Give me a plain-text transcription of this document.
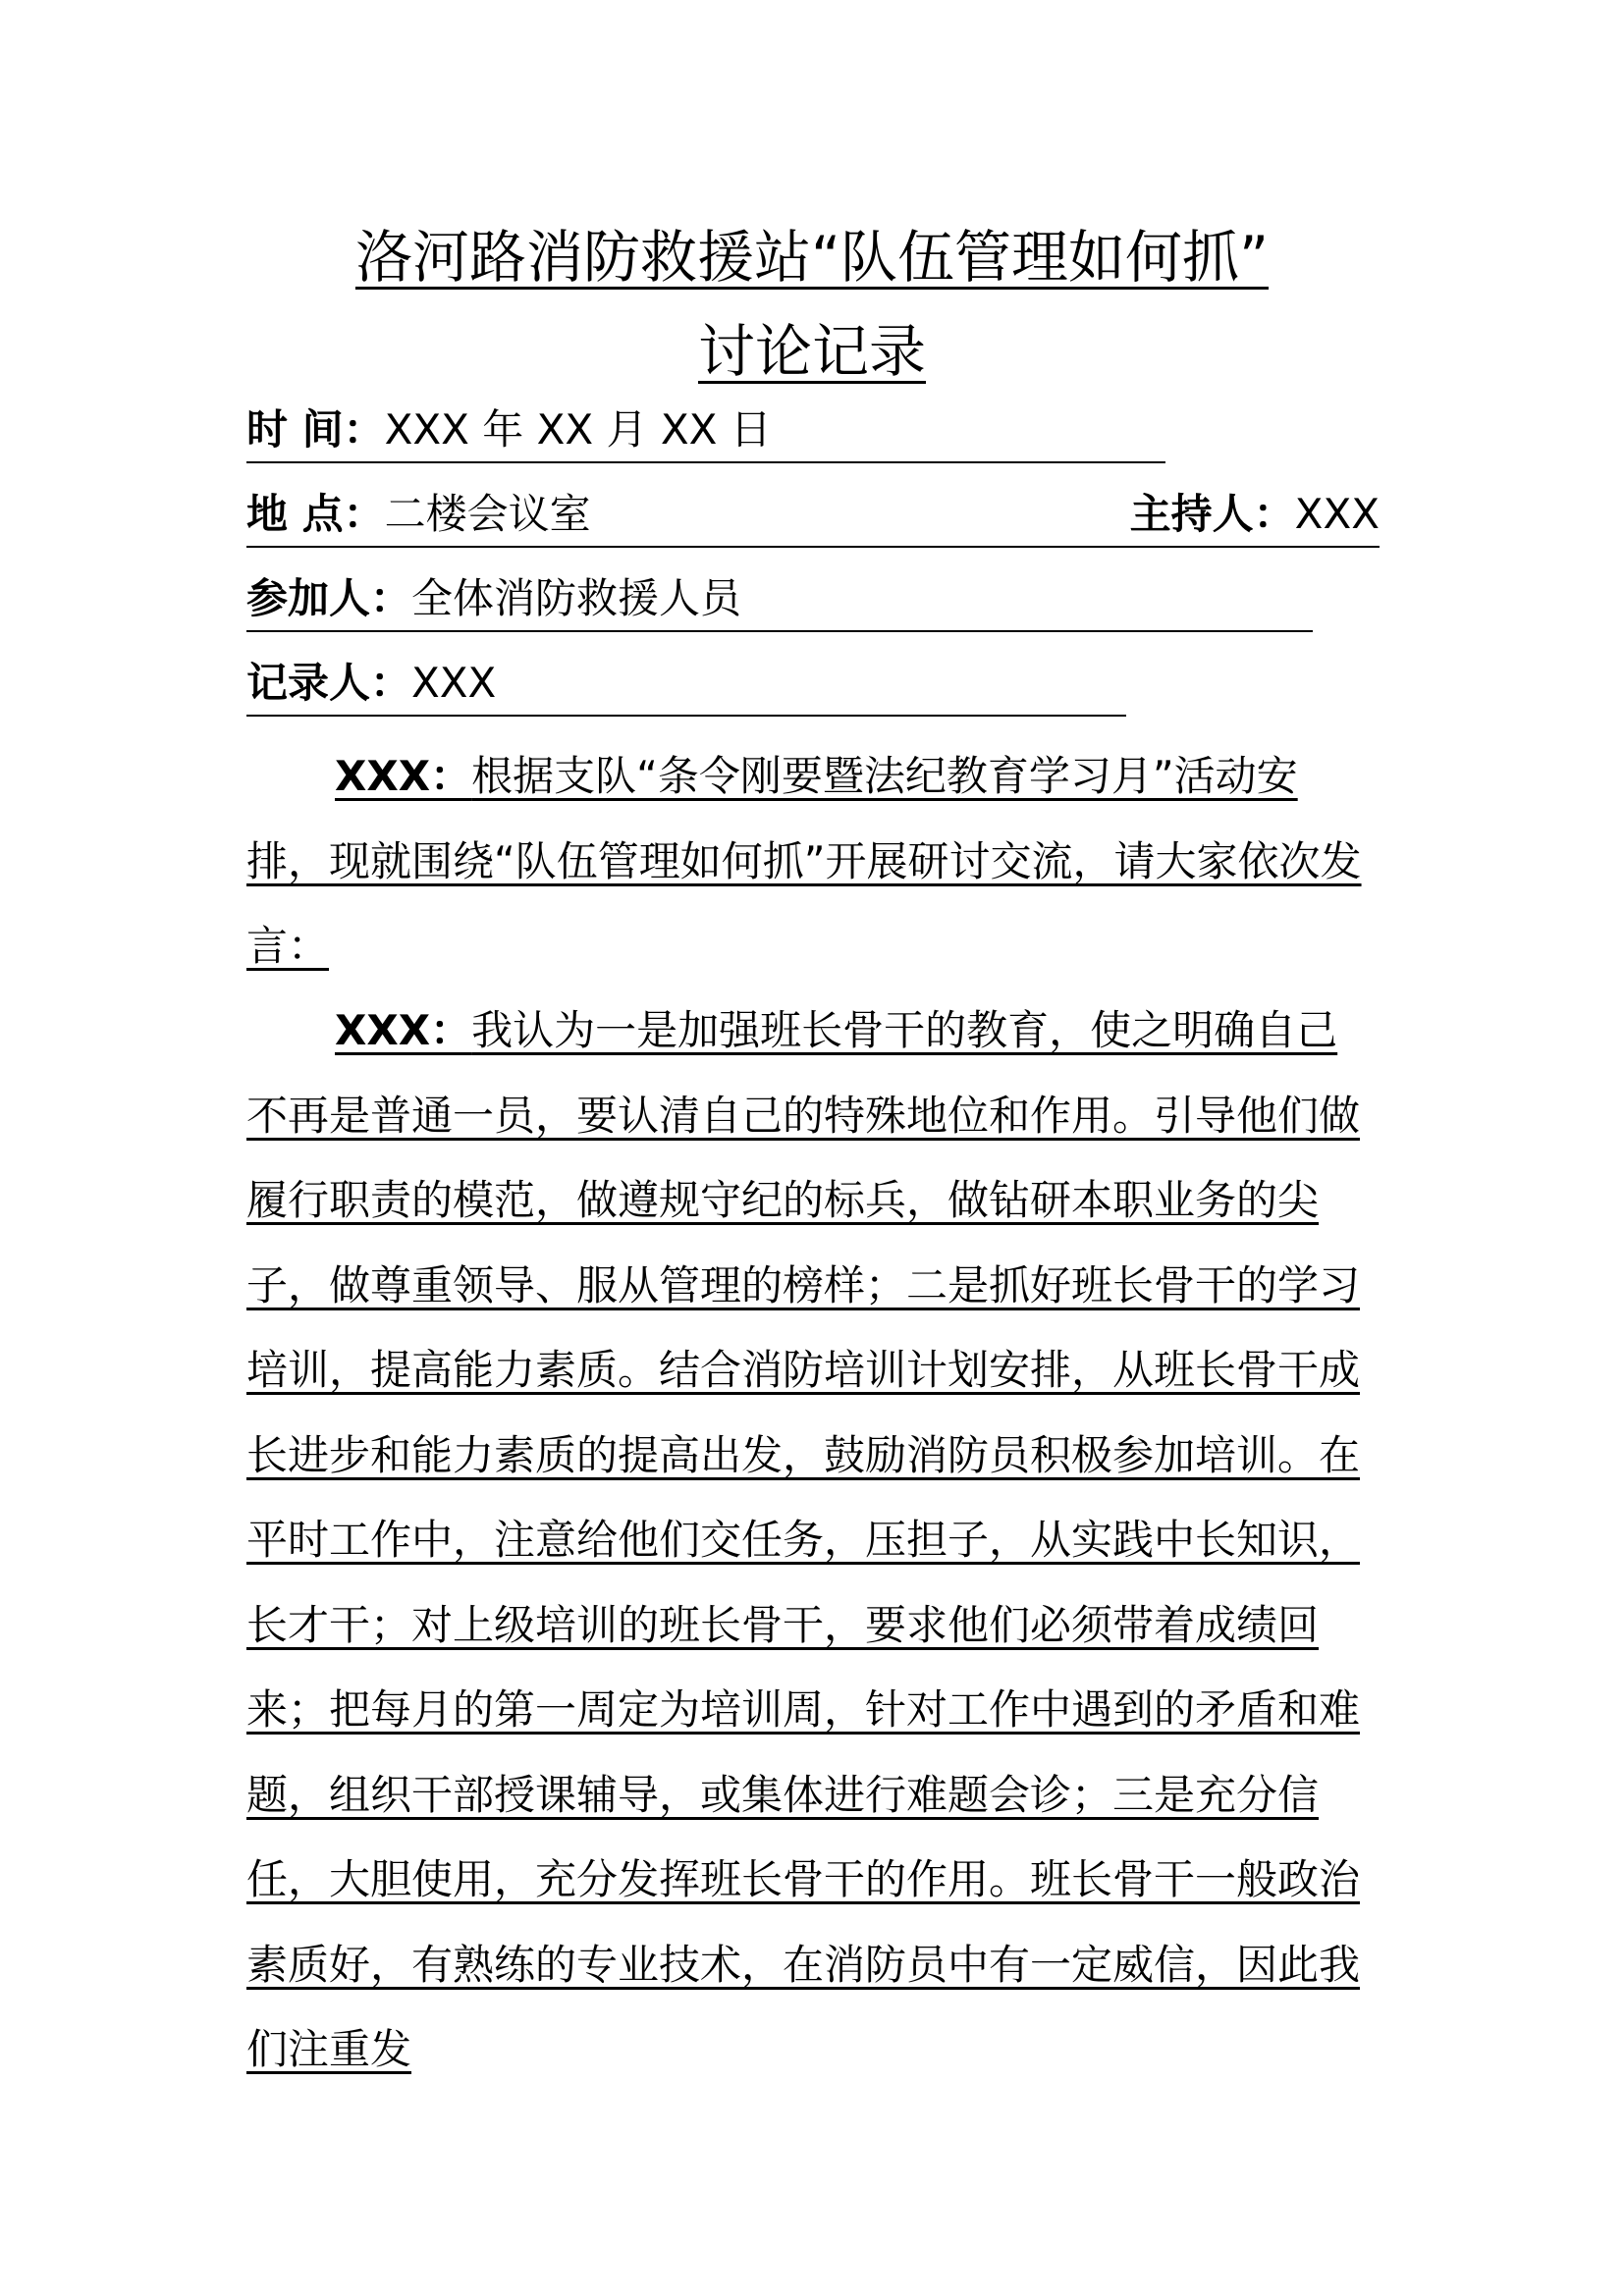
洛河路消防救援站“队伍管理如何抓”
讨论记录
时 间：XXX 年 XX 月 XX 日
地 点：二楼会议室	主持人：XXX
参加人：全体消防救援人员
记录人：XXX

XXX：根据支队“条令刚要暨法纪教育学习月”活动安排，现就围绕“队伍管理如何抓”开展研讨交流，请大家依次发言：

XXX：我认为一是加强班长骨干的教育，使之明确自己不再是普通一员，要认清自己的特殊地位和作用。引导他们做履行职责的模范，做遵规守纪的标兵，做钻研本职业务的尖子，做尊重领导、服从管理的榜样；二是抓好班长骨干的学习培训，提高能力素质。结合消防培训计划安排，从班长骨干成长进步和能力素质的提高出发，鼓励消防员积极参加培训。在平时工作中，注意给他们交任务，压担子，从实践中长知识，长才干；对上级培训的班长骨干，要求他们必须带着成绩回来；把每月的第一周定为培训周，针对工作中遇到的矛盾和难题，组织干部授课辅导，或集体进行难题会诊；三是充分信任，大胆使用，充分发挥班长骨干的作用。班长骨干一般政治素质好，有熟练的专业技术，在消防员中有一定威信，因此我们注重发
